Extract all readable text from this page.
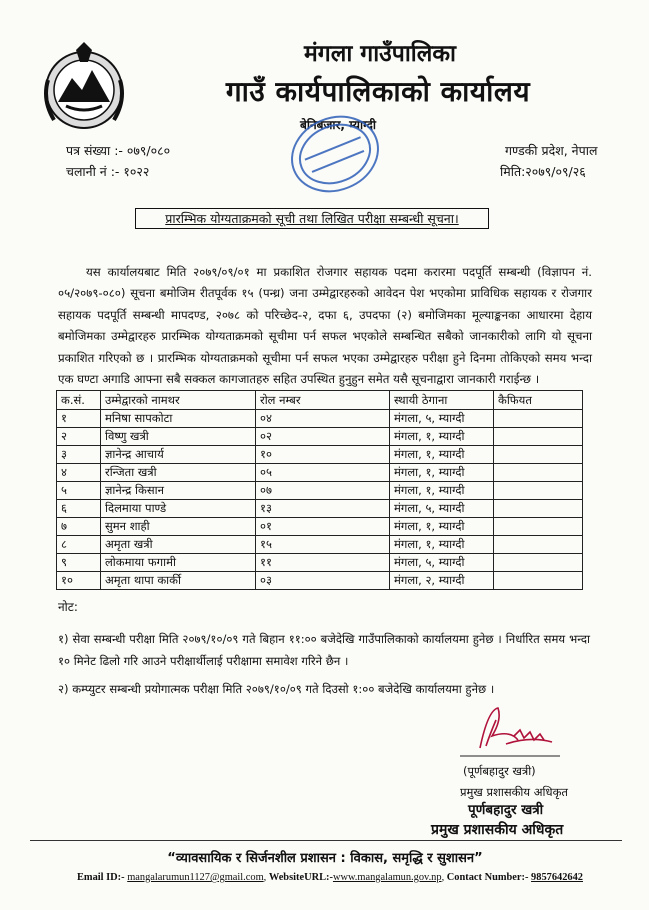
मंगला गाउँपालिका
गाउँ कार्यपालिकाको कार्यालय
बेनिबजार, म्याग्दी
पत्र संख्या :- ०७९/०८०
चलानी नं :- १०२२
गण्डकी प्रदेश, नेपाल
मिति:२०७९/०९/२६
प्रारम्भिक योग्यताक्रमको सूची तथा लिखित परीक्षा सम्बन्धी सूचना।
यस कार्यालयबाट मिति २०७९/०९/०१ मा प्रकाशित रोजगार सहायक पदमा करारमा पदपूर्ति सम्बन्धी (विज्ञापन नं. ०५/२०७९-०८०) सूचना बमोजिम रीतपूर्वक १५ (पन्ध्र) जना उम्मेद्वारहरुको आवेदन पेश भएकोमा प्राविधिक सहायक र रोजगार सहायक पदपूर्ति सम्बन्धी मापदण्ड, २०७८ को परिच्छेद-२, दफा ६, उपदफा (२) बमोजिमका मूल्याङ्कनका आधारमा देहाय बमोजिमका उम्मेद्वारहरु प्रारम्भिक योग्यताक्रमको सूचीमा पर्न सफल भएकोले सम्बन्धित सबैको जानकारीको लागि यो सूचना प्रकाशित गरिएको छ । प्रारम्भिक योग्यताक्रमको सूचीमा पर्न सफल भएका उम्मेद्वारहरु परीक्षा हुने दिनमा तोकिएको समय भन्दा एक घण्टा अगाडि आफ्ना सबै सक्कल कागजातहरु सहित उपस्थित हुनुहुन समेत यसै सूचनाद्वारा जानकारी गराईन्छ ।
क.सं.	उम्मेद्वारको नामथर	रोल नम्बर	स्थायी ठेगाना	कैफियत
१	मनिषा सापकोटा	०४	मंगला, ५, म्याग्दी	
२	विष्णु खत्री	०२	मंगला, १, म्याग्दी	
३	ज्ञानेन्द्र आचार्य	१०	मंगला, १, म्याग्दी	
४	रन्जिता खत्री	०५	मंगला, १, म्याग्दी	
५	ज्ञानेन्द्र किसान	०७	मंगला, १, म्याग्दी	
६	दिलमाया पाण्डे	१३	मंगला, ५, म्याग्दी	
७	सुमन शाही	०१	मंगला, १, म्याग्दी	
८	अमृता खत्री	१५	मंगला, १, म्याग्दी	
९	लोकमाया फगामी	११	मंगला, ५, म्याग्दी	
१०	अमृता थापा कार्की	०३	मंगला, २, म्याग्दी	
नोट:
१) सेवा सम्बन्धी परीक्षा मिति २०७९/१०/०९ गते बिहान ११:०० बजेदेखि गाउँपालिकाको कार्यालयमा हुनेछ । निर्धारित समय भन्दा १० मिनेट ढिलो गरि आउने परीक्षार्थीलाई परीक्षामा समावेश गरिने छैन ।
२) कम्प्युटर सम्बन्धी प्रयोगात्मक परीक्षा मिति २०७९/१०/०९ गते दिउसो १:०० बजेदेखि कार्यालयमा हुनेछ ।
(पूर्णबहादुर खत्री)
प्रमुख प्रशासकीय अधिकृत
पूर्णबहादुर खत्री
प्रमुख प्रशासकीय अधिकृत
“व्यावसायिक र सिर्जनशील प्रशासन : विकास, समृद्धि र सुशासन”
Email ID:- mangalarumun1127@gmail.com, WebsiteURL:-www.mangalamun.gov.np, Contact Number:- 9857642642
